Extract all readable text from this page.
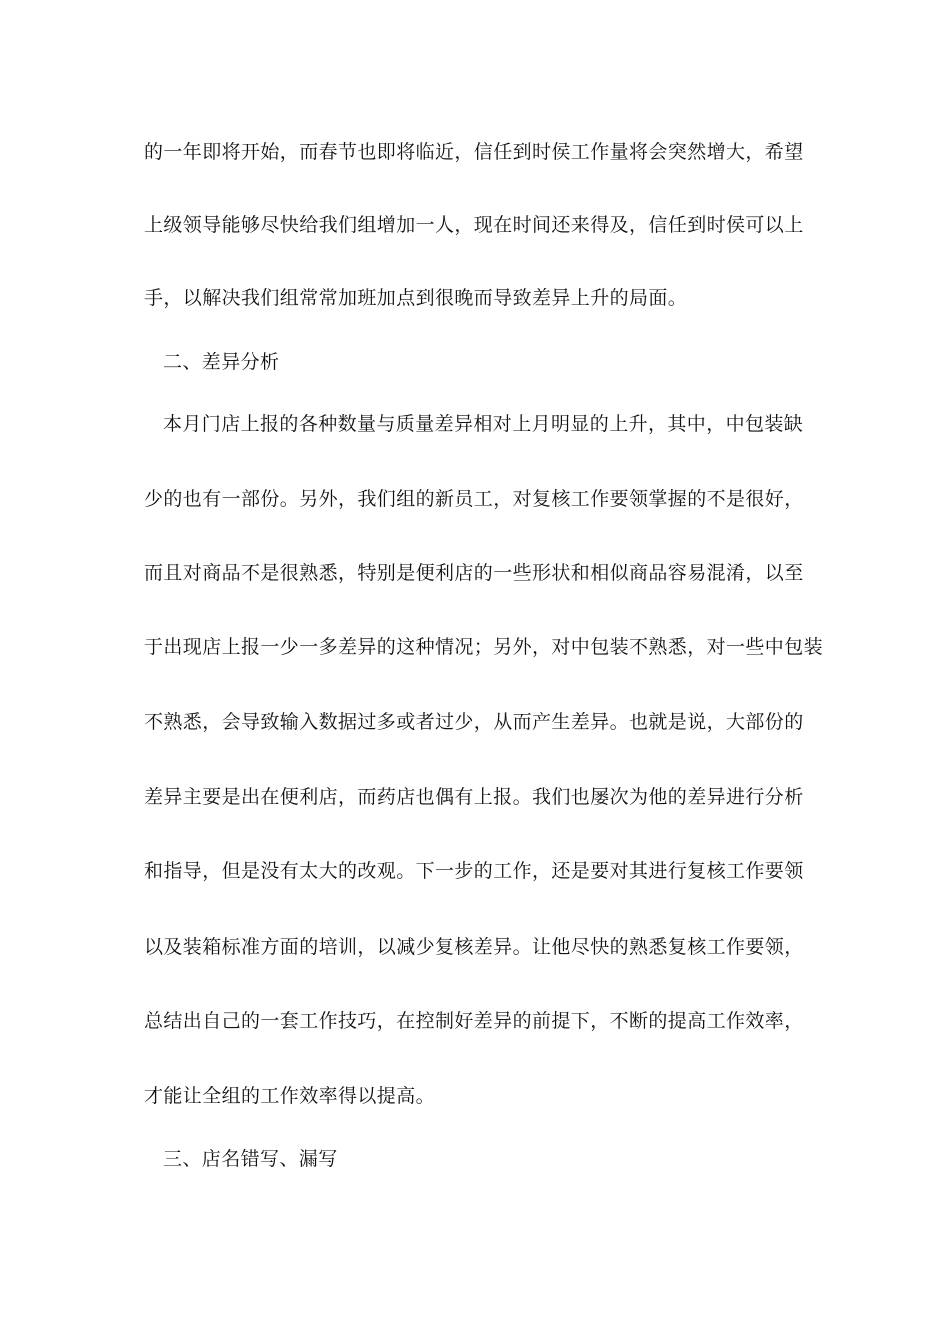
的一年即将开始，而春节也即将临近，信任到时侯工作量将会突然增大，希望
上级领导能够尽快给我们组增加一人，现在时间还来得及，信任到时侯可以上
手，以解决我们组常常加班加点到很晚而导致差异上升的局面。
二、差异分析
本月门店上报的各种数量与质量差异相对上月明显的上升，其中，中包装缺
少的也有一部份。另外，我们组的新员工，对复核工作要领掌握的不是很好，
而且对商品不是很熟悉，特别是便利店的一些形状和相似商品容易混淆，以至
于出现店上报一少一多差异的这种情况；另外，对中包装不熟悉，对一些中包装
不熟悉，会导致输入数据过多或者过少，从而产生差异。也就是说，大部份的
差异主要是出在便利店，而药店也偶有上报。我们也屡次为他的差异进行分析
和指导，但是没有太大的改观。下一步的工作，还是要对其进行复核工作要领
以及装箱标准方面的培训，以减少复核差异。让他尽快的熟悉复核工作要领，
总结出自己的一套工作技巧，在控制好差异的前提下，不断的提高工作效率，
才能让全组的工作效率得以提高。
三、店名错写、漏写
